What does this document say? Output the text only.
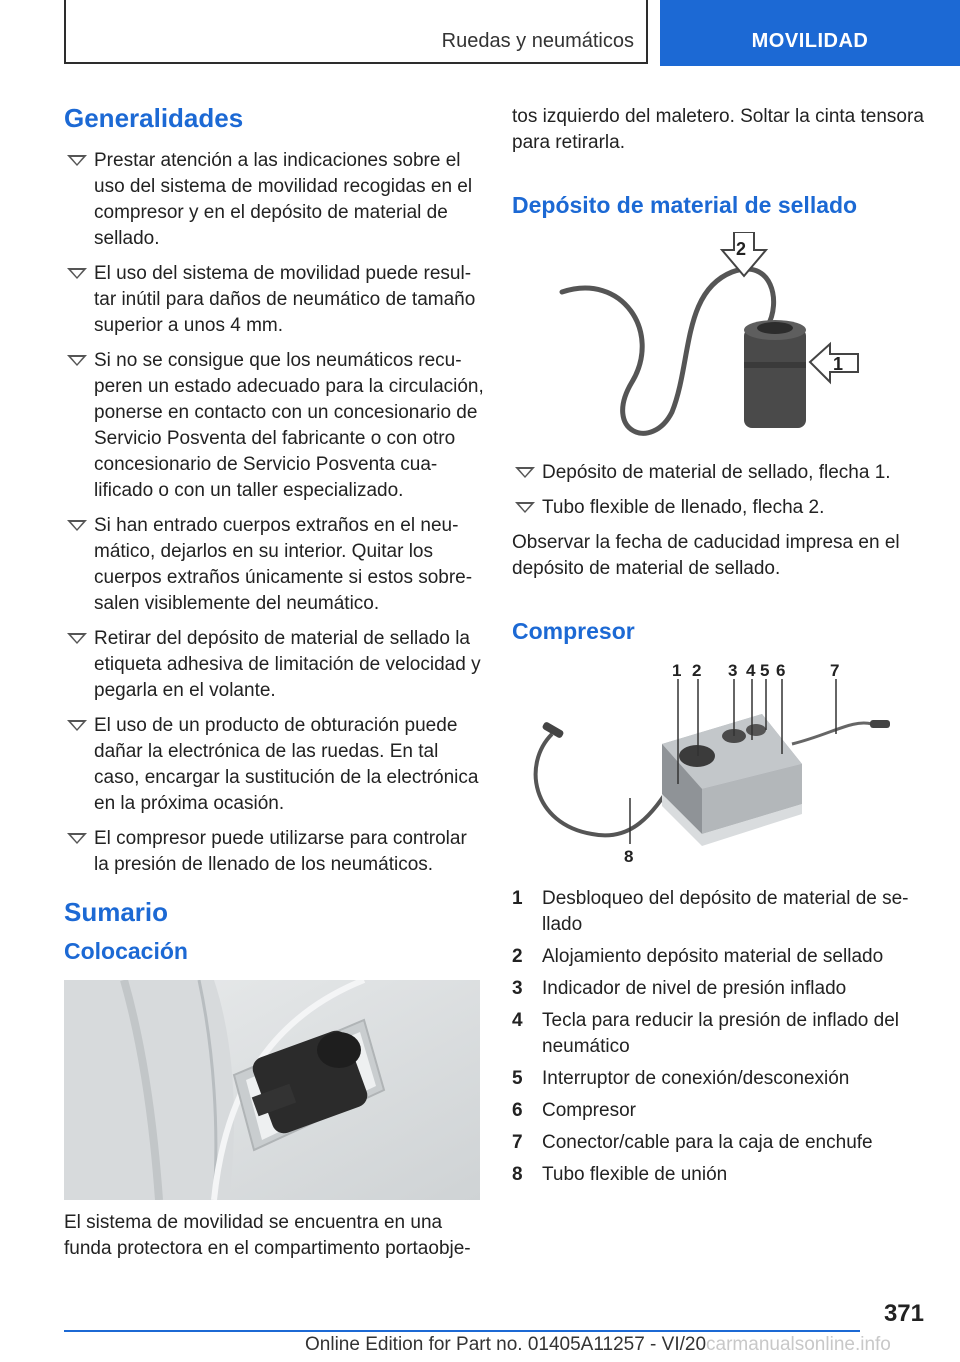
Ruedas y neumáticos	MOVILIDAD
Generalidades
Prestar atención a las indicaciones sobre el uso del sistema de movilidad recogidas en el compresor y en el depósito de material de sellado.
El uso del sistema de movilidad puede resul‐ tar inútil para daños de neumático de tamaño superior a unos 4 mm.
Si no se consigue que los neumáticos recu‐ peren un estado adecuado para la circulación, ponerse en contacto con un concesionario de Servicio Posventa del fabricante o con otro concesionario de Servicio Posventa cua‐ lificado o con un taller especializado.
Si han entrado cuerpos extraños en el neu‐ mático, dejarlos en su interior. Quitar los cuerpos extraños únicamente si estos sobre‐ salen visiblemente del neumático.
Retirar del depósito de material de sellado la etiqueta adhesiva de limitación de velocidad y pegarla en el volante.
El uso de un producto de obturación puede dañar la electrónica de las ruedas. En tal caso, encargar la sustitución de la electrónica en la próxima ocasión.
El compresor puede utilizarse para controlar la presión de llenado de los neumáticos.
Sumario
Colocación

El sistema de movilidad se encuentra en una funda protectora en el compartimento portaobje‐

tos izquierdo del maletero. Soltar la cinta tensora para retirarla.

Depósito de material de sellado
2
1
Depósito de material de sellado, flecha 1.
Tubo flexible de llenado, flecha 2.

Observar la fecha de caducidad impresa en el depósito de material de sellado.

Compresor
1 2 3 4 5 6	7
8
1 Desbloqueo del depósito de material de se‐ llado
2 Alojamiento depósito material de sellado
3 Indicador de nivel de presión inflado
4 Tecla para reducir la presión de inflado del neumático
5 Interruptor de conexión/desconexión
6 Compresor
7 Conector/cable para la caja de enchufe
8 Tubo flexible de unión
371
Online Edition for Part no. 01405A11257 - VI/20carmanualsonline.info
